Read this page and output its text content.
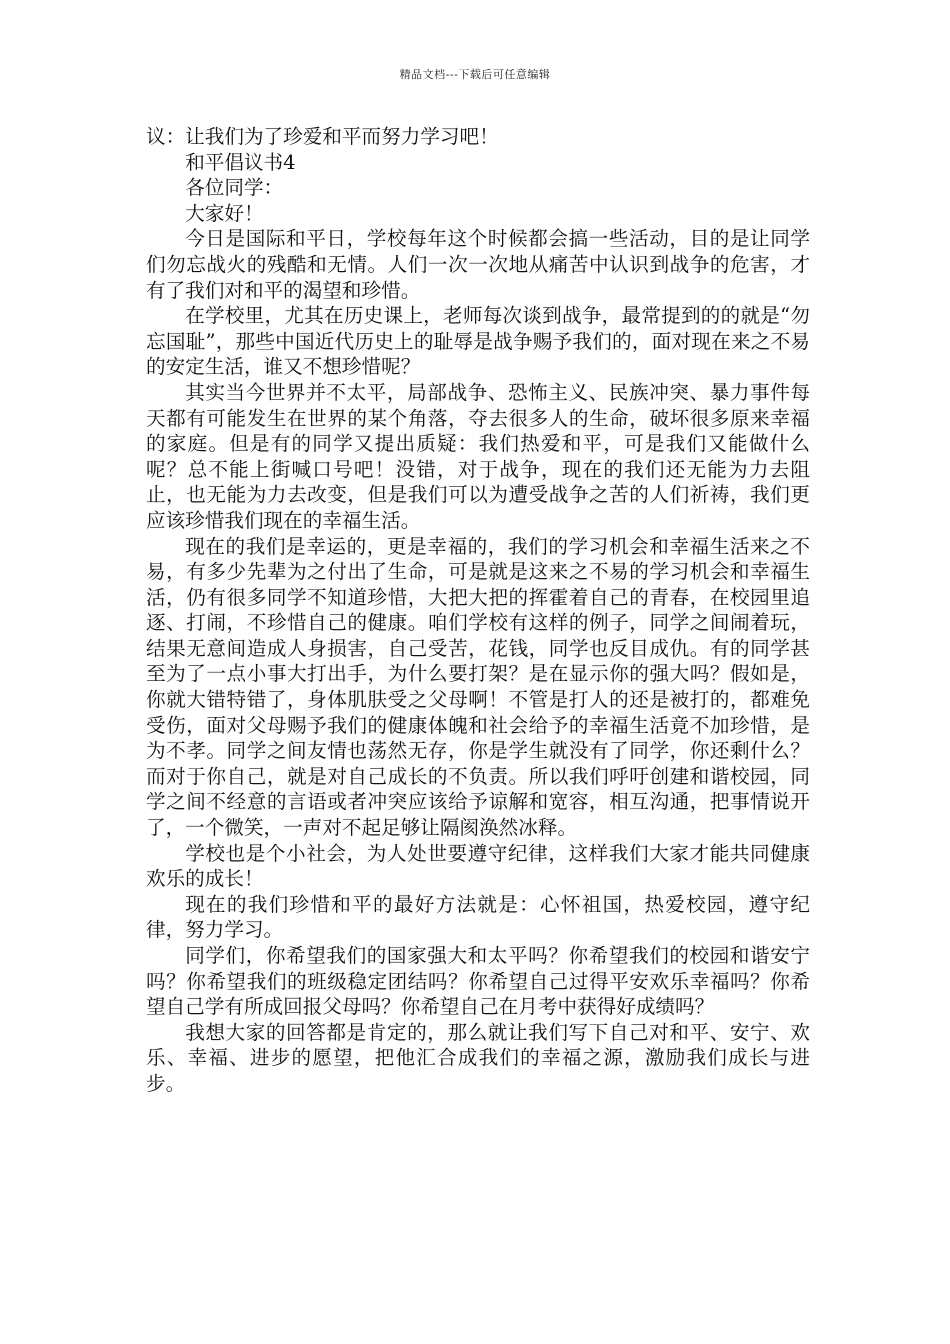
精品文档---下载后可任意编辑

议：让我们为了珍爱和平而努力学习吧！

和平倡议书4

各位同学：

大家好！

今日是国际和平日，学校每年这个时候都会搞一些活动，目的是让同学们勿忘战火的残酷和无情。人们一次一次地从痛苦中认识到战争的危害，才有了我们对和平的渴望和珍惜。

在学校里，尤其在历史课上，老师每次谈到战争，最常提到的的就是“勿忘国耻”，那些中国近代历史上的耻辱是战争赐予我们的，面对现在来之不易的安定生活，谁又不想珍惜呢？

其实当今世界并不太平，局部战争、恐怖主义、民族冲突、暴力事件每天都有可能发生在世界的某个角落，夺去很多人的生命，破坏很多原来幸福的家庭。但是有的同学又提出质疑：我们热爱和平，可是我们又能做什么呢？总不能上街喊口号吧！没错，对于战争，现在的我们还无能为力去阻止，也无能为力去改变，但是我们可以为遭受战争之苦的人们祈祷，我们更应该珍惜我们现在的幸福生活。

现在的我们是幸运的，更是幸福的，我们的学习机会和幸福生活来之不易，有多少先辈为之付出了生命，可是就是这来之不易的学习机会和幸福生活，仍有很多同学不知道珍惜，大把大把的挥霍着自己的青春，在校园里追逐、打闹，不珍惜自己的健康。咱们学校有这样的例子，同学之间闹着玩，结果无意间造成人身损害，自己受苦，花钱，同学也反目成仇。有的同学甚至为了一点小事大打出手，为什么要打架？是在显示你的强大吗？假如是，你就大错特错了，身体肌肤受之父母啊！不管是打人的还是被打的，都难免受伤，面对父母赐予我们的健康体魄和社会给予的幸福生活竟不加珍惜，是为不孝。同学之间友情也荡然无存，你是学生就没有了同学，你还剩什么？而对于你自己，就是对自己成长的不负责。所以我们呼吁创建和谐校园，同学之间不经意的言语或者冲突应该给予谅解和宽容，相互沟通，把事情说开了，一个微笑，一声对不起足够让隔阂涣然冰释。

学校也是个小社会，为人处世要遵守纪律，这样我们大家才能共同健康欢乐的成长！

现在的我们珍惜和平的最好方法就是：心怀祖国，热爱校园，遵守纪律，努力学习。

同学们，你希望我们的国家强大和太平吗？你希望我们的校园和谐安宁吗？你希望我们的班级稳定团结吗？你希望自己过得平安欢乐幸福吗？你希望自己学有所成回报父母吗？你希望自己在月考中获得好成绩吗？

我想大家的回答都是肯定的，那么就让我们写下自己对和平、安宁、欢乐、幸福、进步的愿望，把他汇合成我们的幸福之源，激励我们成长与进步。
